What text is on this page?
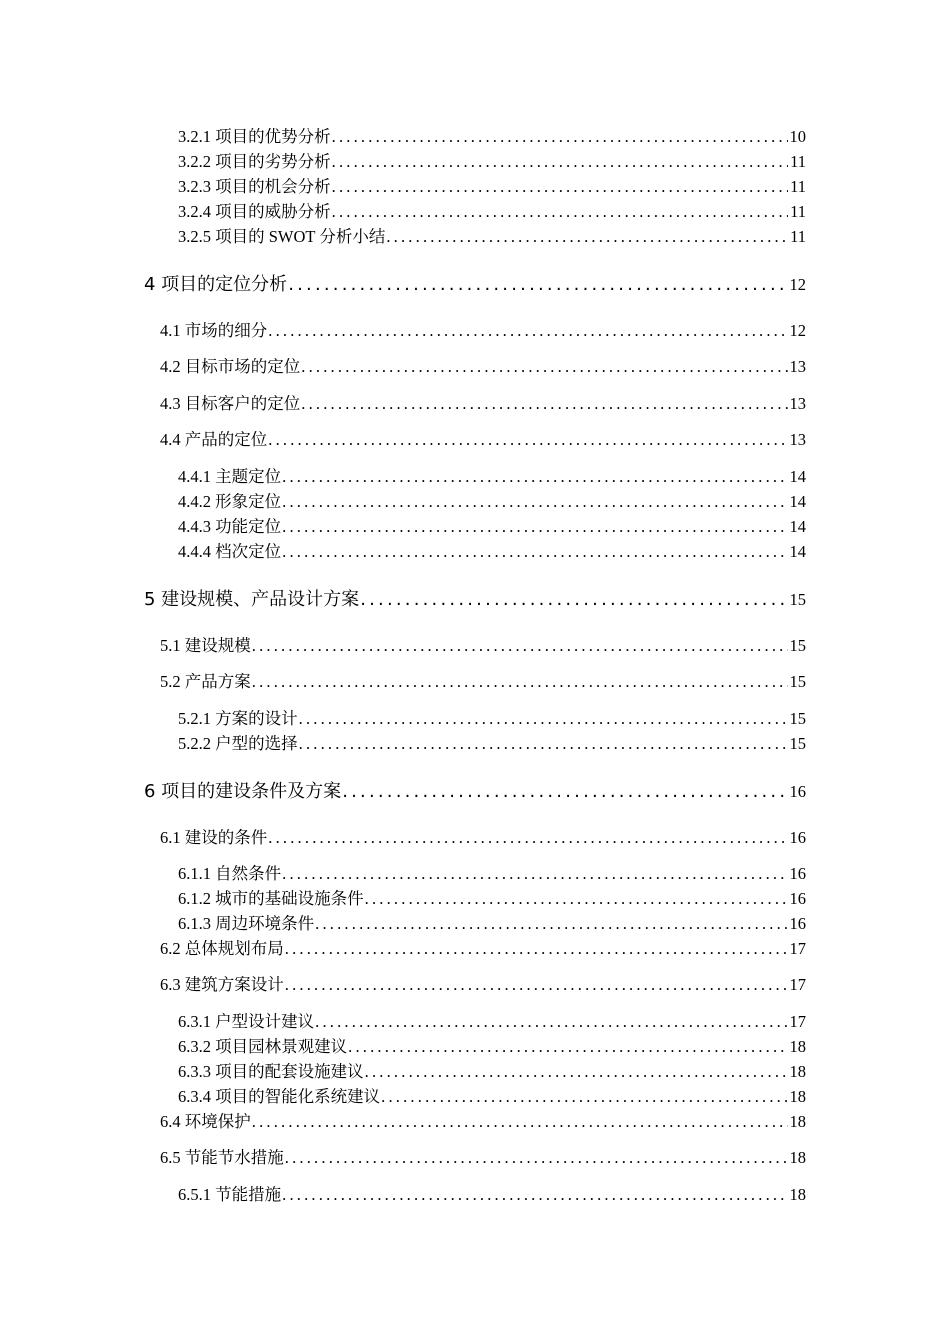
3.2.1 项目的优势分析 .....	10
3.2.2 项目的劣势分析 .....	11
3.2.3 项目的机会分析 .....	11
3.2.4 项目的威胁分析 .....	11
3.2.5 项目的 SWOT 分析小结 .....	11
4 项目的定位分析 .....	12
4.1 市场的细分 .....	12
4.2 目标市场的定位 .....	13
4.3 目标客户的定位 .....	13
4.4 产品的定位 .....	13
4.4.1 主题定位 .....	14
4.4.2 形象定位 .....	14
4.4.3 功能定位 .....	14
4.4.4 档次定位 .....	14
5 建设规模、产品设计方案 .....	15
5.1 建设规模 .....	15
5.2 产品方案 .....	15
5.2.1 方案的设计 .....	15
5.2.2 户型的选择 .....	15
6 项目的建设条件及方案 .....	16
6.1 建设的条件 .....	16
6.1.1 自然条件 .....	16
6.1.2 城市的基础设施条件 .....	16
6.1.3 周边环境条件 .....	16
6.2 总体规划布局 .....	17
6.3 建筑方案设计 .....	17
6.3.1 户型设计建议 .....	17
6.3.2 项目园林景观建议 .....	18
6.3.3 项目的配套设施建议 .....	18
6.3.4 项目的智能化系统建议 .....	18
6.4 环境保护 .....	18
6.5 节能节水措施 .....	18
6.5.1 节能措施 .....	18
